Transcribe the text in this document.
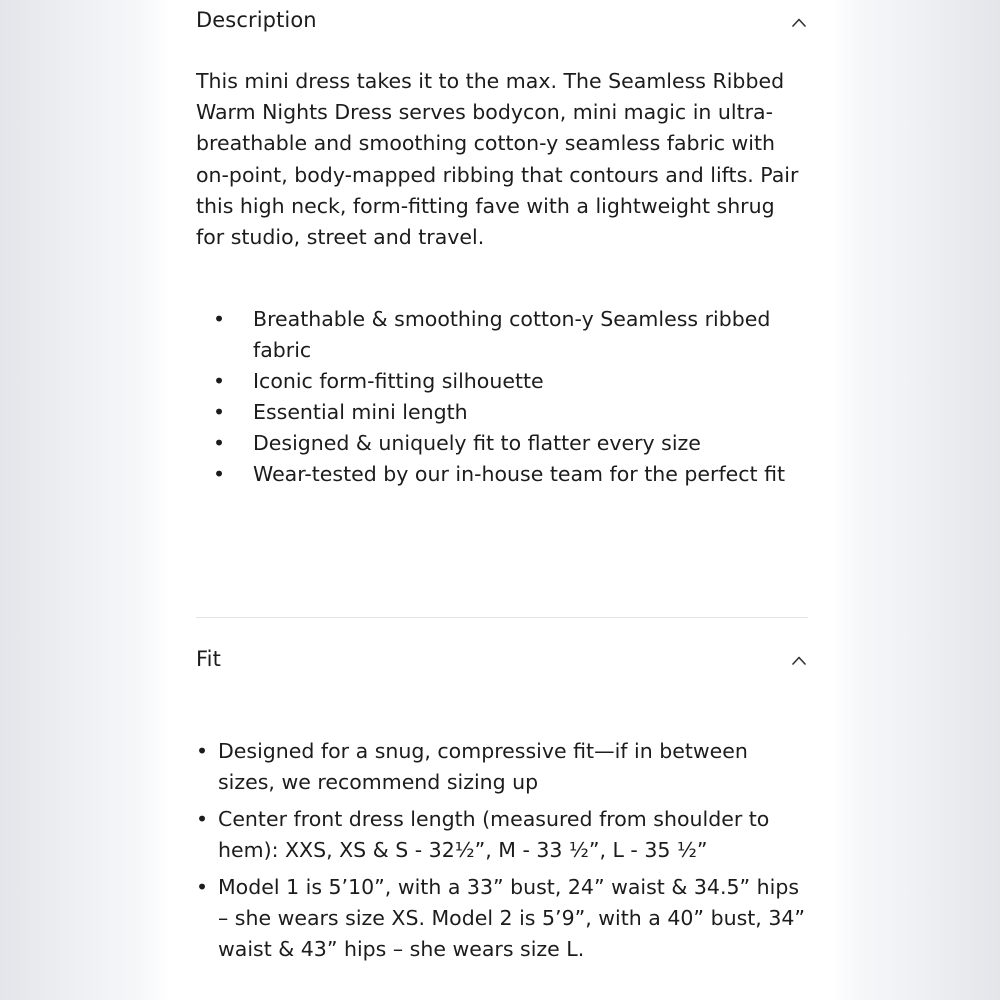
Description

This mini dress takes it to the max. The Seamless Ribbed Warm Nights Dress serves bodycon, mini magic in ultra-breathable and smoothing cotton-y seamless fabric with on-point, body-mapped ribbing that contours and lifts. Pair this high neck, form-fitting fave with a lightweight shrug for studio, street and travel.

• Breathable & smoothing cotton-y Seamless ribbed fabric
• Iconic form-fitting silhouette
• Essential mini length
• Designed & uniquely fit to flatter every size
• Wear-tested by our in-house team for the perfect fit
Fit
• Designed for a snug, compressive fit—if in between sizes, we recommend sizing up
• Center front dress length (measured from shoulder to hem): XXS, XS & S - 32½”, M - 33 ½”, L - 35 ½”
• Model 1 is 5’10”, with a 33” bust, 24” waist & 34.5” hips – she wears size XS. Model 2 is 5’9”, with a 40” bust, 34” waist & 43” hips – she wears size L.
